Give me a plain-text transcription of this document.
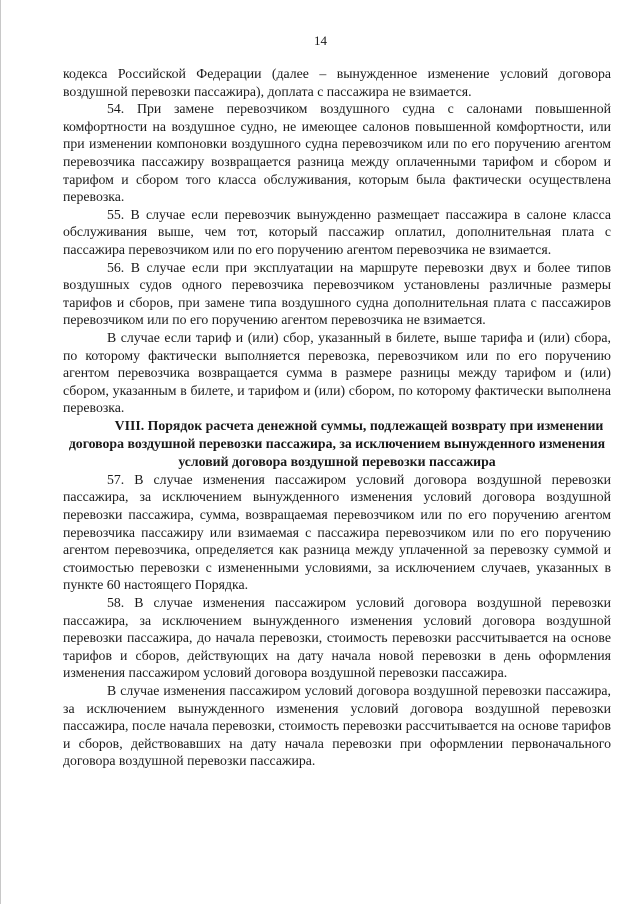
14

кодекса Российской Федерации (далее – вынужденное изменение условий договора воздушной перевозки пассажира), доплата с пассажира не взимается.

54. При замене перевозчиком воздушного судна с салонами повышенной комфортности на воздушное судно, не имеющее салонов повышенной комфортности, или при изменении компоновки воздушного судна перевозчиком или по его поручению агентом перевозчика пассажиру возвращается разница между оплаченными тарифом и сбором и тарифом и сбором того класса обслуживания, которым была фактически осуществлена перевозка.

55. В случае если перевозчик вынужденно размещает пассажира в салоне класса обслуживания выше, чем тот, который пассажир оплатил, дополнительная плата с пассажира перевозчиком или по его поручению агентом перевозчика не взимается.

56. В случае если при эксплуатации на маршруте перевозки двух и более типов воздушных судов одного перевозчика перевозчиком установлены различные размеры тарифов и сборов, при замене типа воздушного судна дополнительная плата с пассажиров перевозчиком или по его поручению агентом перевозчика не взимается.

В случае если тариф и (или) сбор, указанный в билете, выше тарифа и (или) сбора, по которому фактически выполняется перевозка, перевозчиком или по его поручению агентом перевозчика возвращается сумма в размере разницы между тарифом и (или) сбором, указанным в билете, и тарифом и (или) сбором, по которому фактически выполнена перевозка.

VIII. Порядок расчета денежной суммы, подлежащей возврату при изменении договора воздушной перевозки пассажира, за исключением вынужденного изменения условий договора воздушной перевозки пассажира

57. В случае изменения пассажиром условий договора воздушной перевозки пассажира, за исключением вынужденного изменения условий договора воздушной перевозки пассажира, сумма, возвращаемая перевозчиком или по его поручению агентом перевозчика пассажиру или взимаемая с пассажира перевозчиком или по его поручению агентом перевозчика, определяется как разница между уплаченной за перевозку суммой и стоимостью перевозки с измененными условиями, за исключением случаев, указанных в пункте 60 настоящего Порядка.

58. В случае изменения пассажиром условий договора воздушной перевозки пассажира, за исключением вынужденного изменения условий договора воздушной перевозки пассажира, до начала перевозки, стоимость перевозки рассчитывается на основе тарифов и сборов, действующих на дату начала новой перевозки в день оформления изменения пассажиром условий договора воздушной перевозки пассажира.

В случае изменения пассажиром условий договора воздушной перевозки пассажира, за исключением вынужденного изменения условий договора воздушной перевозки пассажира, после начала перевозки, стоимость перевозки рассчитывается на основе тарифов и сборов, действовавших на дату начала перевозки при оформлении первоначального договора воздушной перевозки пассажира.
